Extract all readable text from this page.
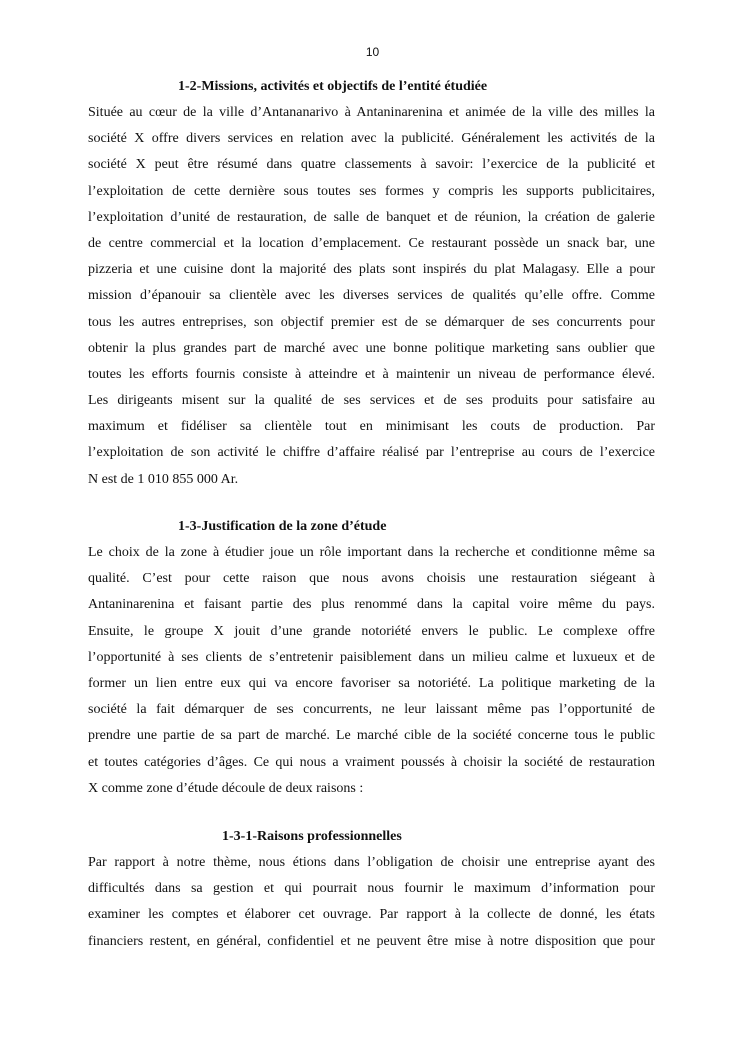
10
1-2-Missions, activités et objectifs de l’entité étudiée
Située au cœur de la ville d’Antananarivo à Antaninarenina et animée de la ville des milles la
société X offre divers services en relation avec la publicité. Généralement les activités de la
société X peut être résumé dans quatre classements à savoir: l’exercice de la publicité et
l’exploitation de cette dernière sous toutes ses formes y compris les supports publicitaires,
l’exploitation d’unité de restauration, de salle de banquet et de réunion, la création de galerie
de centre commercial et la location d’emplacement. Ce restaurant possède un snack bar, une
pizzeria et une cuisine dont la majorité des plats sont inspirés du plat Malagasy. Elle a pour
mission d’épanouir sa clientèle avec les diverses services de qualités qu’elle offre. Comme
tous les autres entreprises, son objectif premier est de se démarquer de ses concurrents pour
obtenir la plus grandes part de marché avec une bonne politique marketing sans oublier que
toutes les efforts fournis consiste à atteindre et à maintenir un niveau de performance élevé.
Les dirigeants misent sur la qualité de ses services et de ses produits pour satisfaire au
maximum et fidéliser sa clientèle tout en minimisant les couts de production. Par
l’exploitation de son activité le chiffre d’affaire réalisé par l’entreprise au cours de l’exercice
N est de 1 010 855 000 Ar.
1-3-Justification de la zone d’étude
Le choix de la zone à étudier joue un rôle important dans la recherche et conditionne même sa
qualité. C’est pour cette raison que nous avons choisis une restauration siégeant à
Antaninarenina et faisant partie des plus renommé dans la capital voire même du pays.
Ensuite, le groupe X jouit d’une grande notoriété envers le public. Le complexe offre
l’opportunité à ses clients de s’entretenir paisiblement dans un milieu calme et luxueux et de
former un lien entre eux qui va encore favoriser sa notoriété. La politique marketing de la
société la fait démarquer de ses concurrents, ne leur laissant même pas l’opportunité de
prendre une partie de sa part de marché. Le marché cible de la société concerne tous le public
et toutes catégories d’âges. Ce qui nous a vraiment poussés à choisir la société de restauration
X comme zone d’étude découle de deux raisons :
1-3-1-Raisons professionnelles
Par rapport à notre thème, nous étions dans l’obligation de choisir une entreprise ayant des
difficultés dans sa gestion et qui pourrait nous fournir le maximum d’information pour
examiner les comptes et élaborer cet ouvrage. Par rapport à la collecte de donné, les états
financiers restent, en général, confidentiel et ne peuvent être mise à notre disposition que pour
